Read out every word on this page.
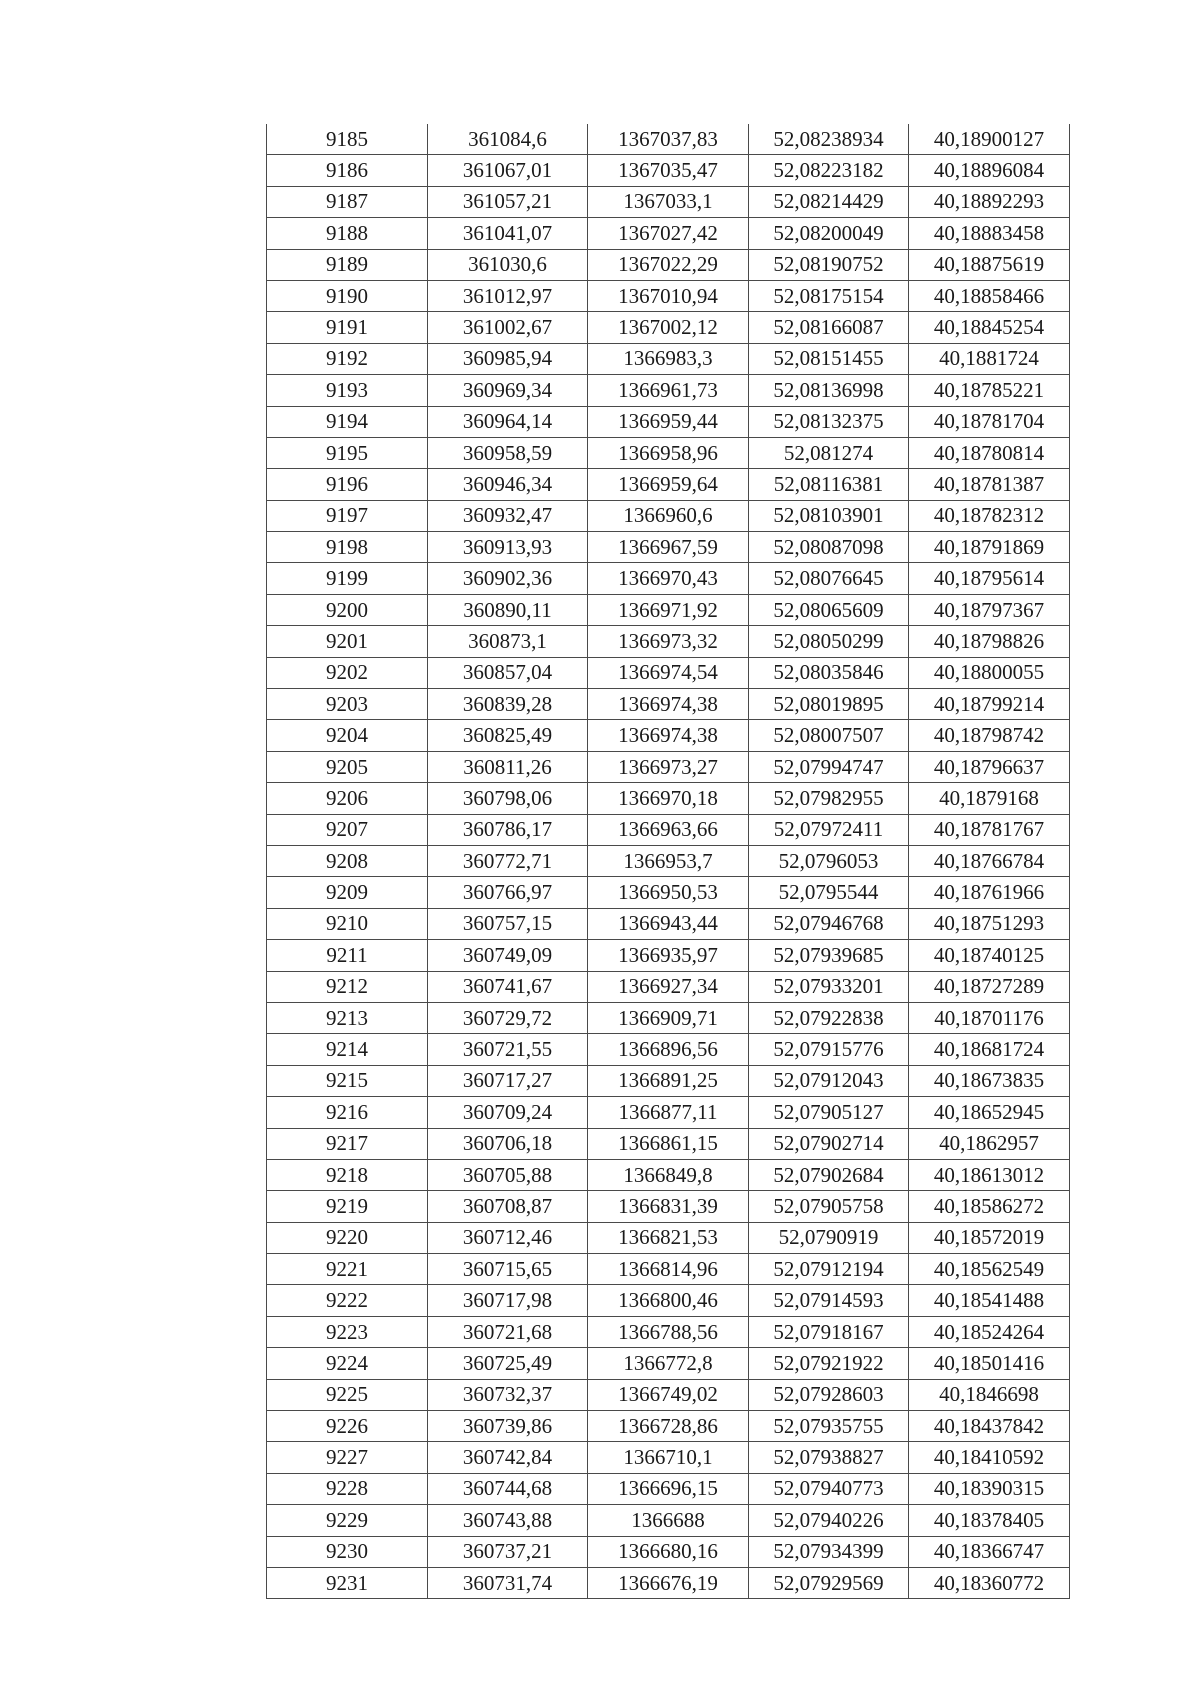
9185	361084,6	1367037,83	52,08238934	40,18900127
9186	361067,01	1367035,47	52,08223182	40,18896084
9187	361057,21	1367033,1	52,08214429	40,18892293
9188	361041,07	1367027,42	52,08200049	40,18883458
9189	361030,6	1367022,29	52,08190752	40,18875619
9190	361012,97	1367010,94	52,08175154	40,18858466
9191	361002,67	1367002,12	52,08166087	40,18845254
9192	360985,94	1366983,3	52,08151455	40,1881724
9193	360969,34	1366961,73	52,08136998	40,18785221
9194	360964,14	1366959,44	52,08132375	40,18781704
9195	360958,59	1366958,96	52,081274	40,18780814
9196	360946,34	1366959,64	52,08116381	40,18781387
9197	360932,47	1366960,6	52,08103901	40,18782312
9198	360913,93	1366967,59	52,08087098	40,18791869
9199	360902,36	1366970,43	52,08076645	40,18795614
9200	360890,11	1366971,92	52,08065609	40,18797367
9201	360873,1	1366973,32	52,08050299	40,18798826
9202	360857,04	1366974,54	52,08035846	40,18800055
9203	360839,28	1366974,38	52,08019895	40,18799214
9204	360825,49	1366974,38	52,08007507	40,18798742
9205	360811,26	1366973,27	52,07994747	40,18796637
9206	360798,06	1366970,18	52,07982955	40,1879168
9207	360786,17	1366963,66	52,07972411	40,18781767
9208	360772,71	1366953,7	52,0796053	40,18766784
9209	360766,97	1366950,53	52,0795544	40,18761966
9210	360757,15	1366943,44	52,07946768	40,18751293
9211	360749,09	1366935,97	52,07939685	40,18740125
9212	360741,67	1366927,34	52,07933201	40,18727289
9213	360729,72	1366909,71	52,07922838	40,18701176
9214	360721,55	1366896,56	52,07915776	40,18681724
9215	360717,27	1366891,25	52,07912043	40,18673835
9216	360709,24	1366877,11	52,07905127	40,18652945
9217	360706,18	1366861,15	52,07902714	40,1862957
9218	360705,88	1366849,8	52,07902684	40,18613012
9219	360708,87	1366831,39	52,07905758	40,18586272
9220	360712,46	1366821,53	52,0790919	40,18572019
9221	360715,65	1366814,96	52,07912194	40,18562549
9222	360717,98	1366800,46	52,07914593	40,18541488
9223	360721,68	1366788,56	52,07918167	40,18524264
9224	360725,49	1366772,8	52,07921922	40,18501416
9225	360732,37	1366749,02	52,07928603	40,1846698
9226	360739,86	1366728,86	52,07935755	40,18437842
9227	360742,84	1366710,1	52,07938827	40,18410592
9228	360744,68	1366696,15	52,07940773	40,18390315
9229	360743,88	1366688	52,07940226	40,18378405
9230	360737,21	1366680,16	52,07934399	40,18366747
9231	360731,74	1366676,19	52,07929569	40,18360772
